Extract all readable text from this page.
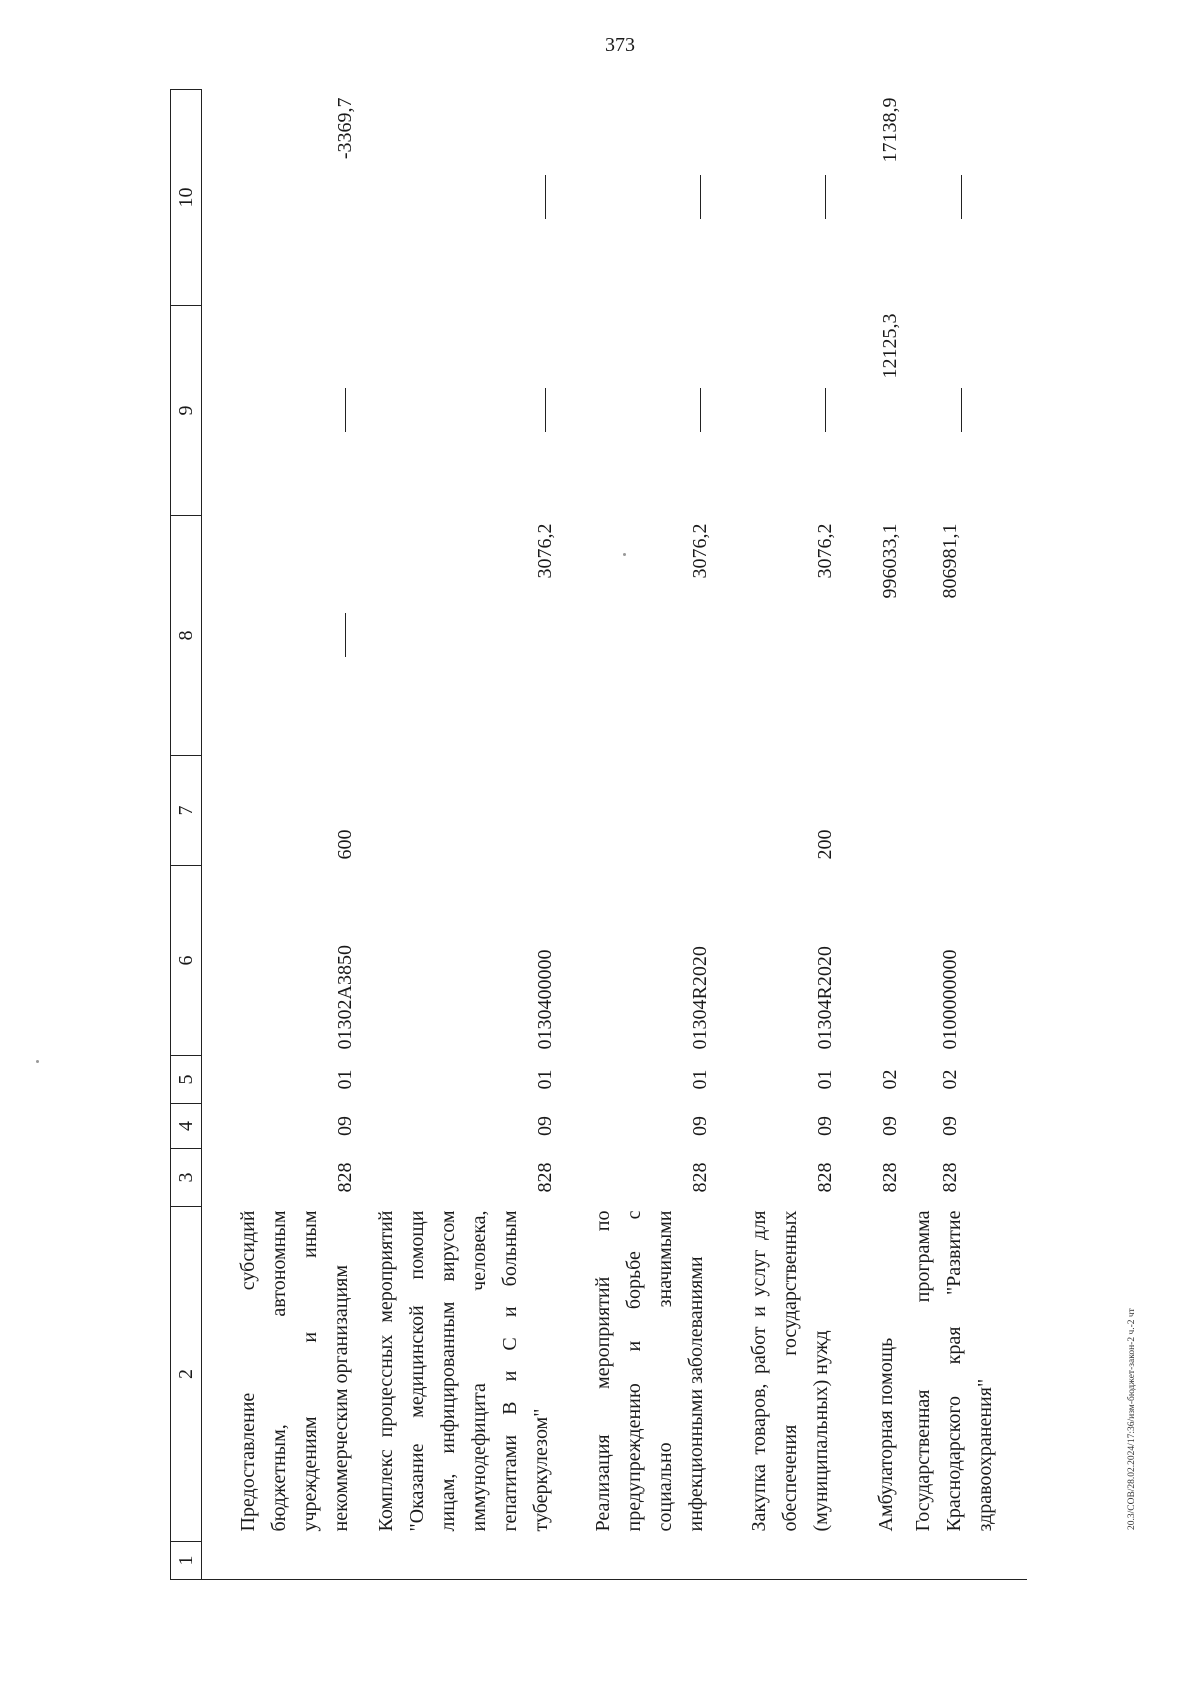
373
20.3/СОВ/28.02.2024/17:36/изм-бюджет-закон-2 ч.-2 чт
1	2	3	4	5	6	7	8	9	10
	Предоставление субсидий бюджетным, автономным учреждениям и иным некоммерческим организациям	828	09	01	01302А3850	600			-3369,7
	Комплекс процессных мероприятий "Оказание медицинской помощи лицам, инфицированным вирусом иммунодефицита человека, гепатитами В и С и больным туберкулезом"	828	09	01	0130400000		3076,2		
	Реализация мероприятий по предупреждению и борьбе с социально значимыми инфекционными заболеваниями	828	09	01	01304R2020		3076,2		
	Закупка товаров, работ и услуг для обеспечения государственных (муниципальных) нужд	828	09	01	01304R2020	200	3076,2		
	Амбулаторная помощь	828	09	02			996033,1	12125,3	17138,9
	Государственная программа Краснодарского края "Развитие здравоохранения"	828	09	02	0100000000		806981,1		
